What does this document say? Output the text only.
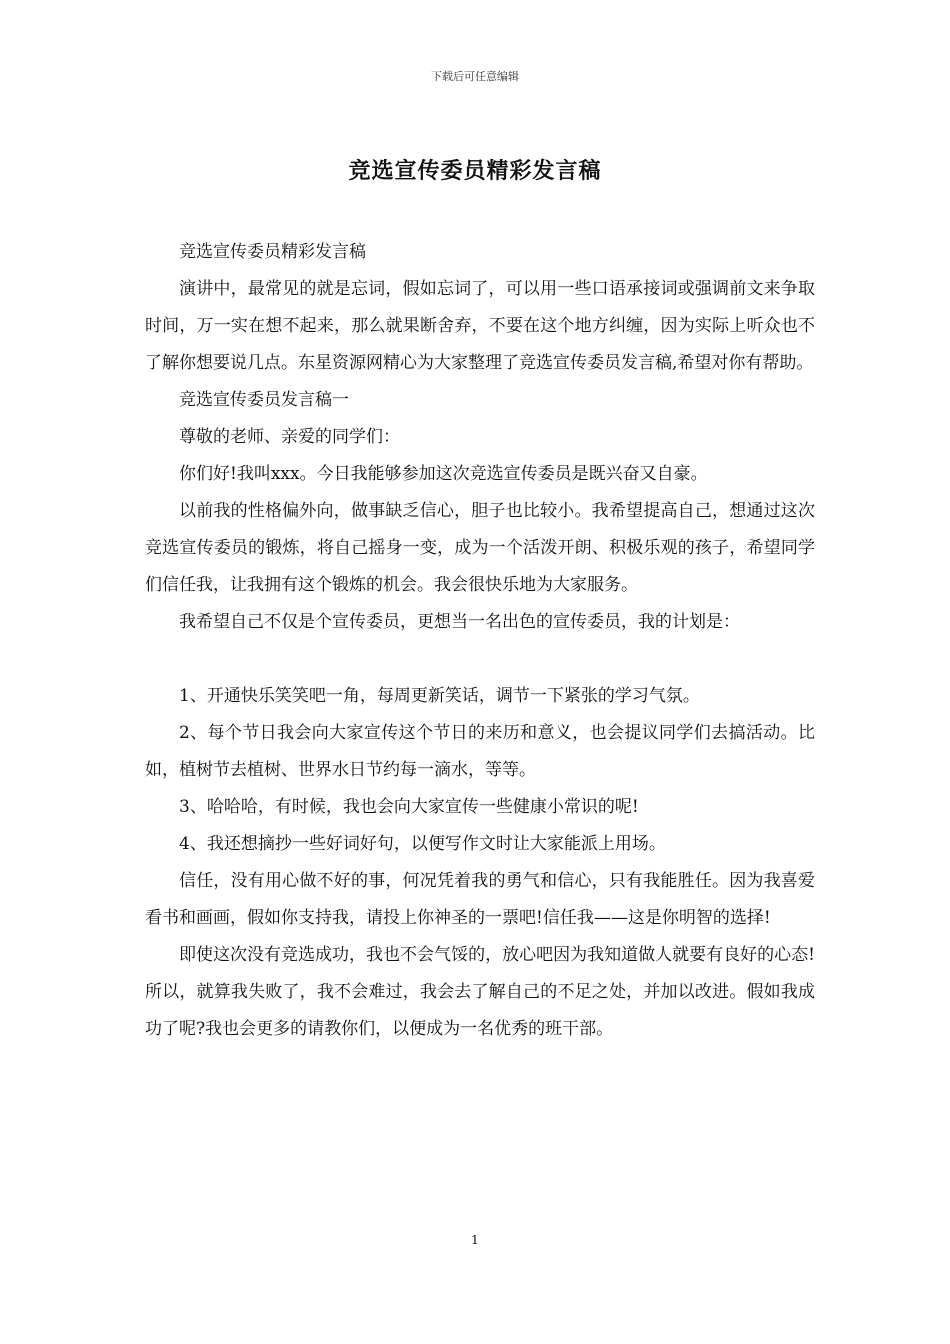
下载后可任意编辑
竞选宣传委员精彩发言稿

竞选宣传委员精彩发言稿

演讲中，最常见的就是忘词，假如忘词了，可以用一些口语承接词或强调前文来争取时间，万一实在想不起来，那么就果断舍弃，不要在这个地方纠缠，因为实际上听众也不了解你想要说几点。东星资源网精心为大家整理了竞选宣传委员发言稿,希望对你有帮助。

竞选宣传委员发言稿一

尊敬的老师、亲爱的同学们：

你们好!我叫xxx。今日我能够参加这次竞选宣传委员是既兴奋又自豪。

以前我的性格偏外向，做事缺乏信心，胆子也比较小。我希望提高自己，想通过这次竞选宣传委员的锻炼，将自己摇身一变，成为一个活泼开朗、积极乐观的孩子，希望同学们信任我，让我拥有这个锻炼的机会。我会很快乐地为大家服务。

我希望自己不仅是个宣传委员，更想当一名出色的宣传委员，我的计划是：

1、开通快乐笑笑吧一角，每周更新笑话，调节一下紧张的学习气氛。

2、每个节日我会向大家宣传这个节日的来历和意义，也会提议同学们去搞活动。比如，植树节去植树、世界水日节约每一滴水，等等。

3、哈哈哈，有时候，我也会向大家宣传一些健康小常识的呢!

4、我还想摘抄一些好词好句，以便写作文时让大家能派上用场。

信任，没有用心做不好的事，何况凭着我的勇气和信心，只有我能胜任。因为我喜爱看书和画画，假如你支持我，请投上你神圣的一票吧!信任我——这是你明智的选择!

即使这次没有竞选成功，我也不会气馁的，放心吧因为我知道做人就要有良好的心态!所以，就算我失败了，我不会难过，我会去了解自己的不足之处，并加以改进。假如我成功了呢?我也会更多的请教你们，以便成为一名优秀的班干部。

1
